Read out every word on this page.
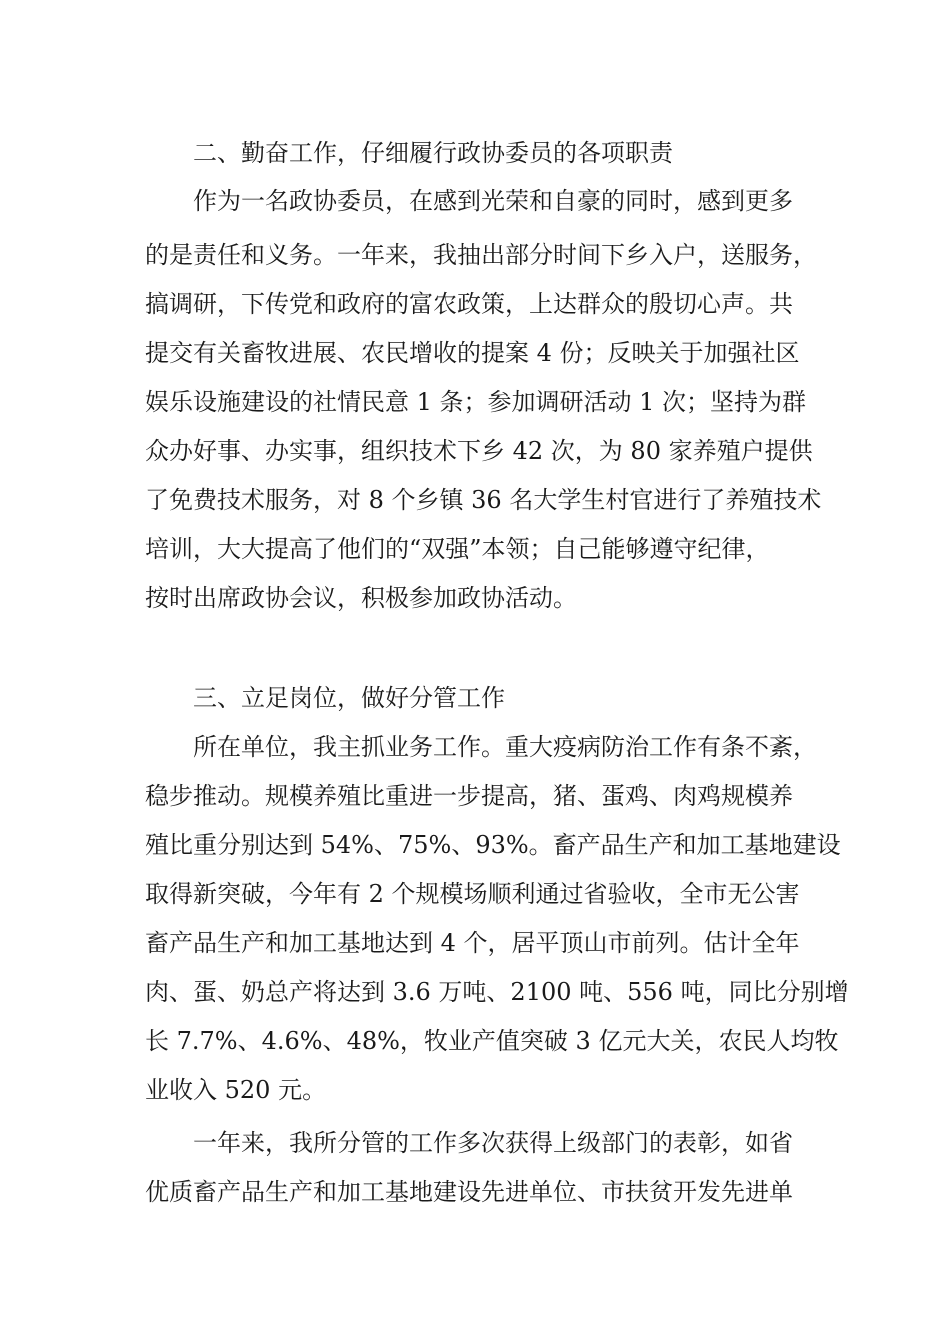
二、勤奋工作，仔细履行政协委员的各项职责
作为一名政协委员，在感到光荣和自豪的同时，感到更多
的是责任和义务。一年来，我抽出部分时间下乡入户，送服务，
搞调研，下传党和政府的富农政策，上达群众的殷切心声。共
提交有关畜牧进展、农民增收的提案 4 份；反映关于加强社区
娱乐设施建设的社情民意 1 条；参加调研活动 1 次；坚持为群
众办好事、办实事，组织技术下乡 42 次，为 80 家养殖户提供
了免费技术服务，对 8 个乡镇 36 名大学生村官进行了养殖技术
培训，大大提高了他们的“双强”本领；自己能够遵守纪律，
按时出席政协会议，积极参加政协活动。
三、立足岗位，做好分管工作
所在单位，我主抓业务工作。重大疫病防治工作有条不紊，
稳步推动。规模养殖比重进一步提高，猪、蛋鸡、肉鸡规模养
殖比重分别达到 54%、75%、93%。畜产品生产和加工基地建设
取得新突破，今年有 2 个规模场顺利通过省验收，全市无公害
畜产品生产和加工基地达到 4 个，居平顶山市前列。估计全年
肉、蛋、奶总产将达到 3.6 万吨、2100 吨、556 吨，同比分别增
长 7.7%、4.6%、48%，牧业产值突破 3 亿元大关，农民人均牧
业收入 520 元。
一年来，我所分管的工作多次获得上级部门的表彰，如省
优质畜产品生产和加工基地建设先进单位、市扶贫开发先进单
